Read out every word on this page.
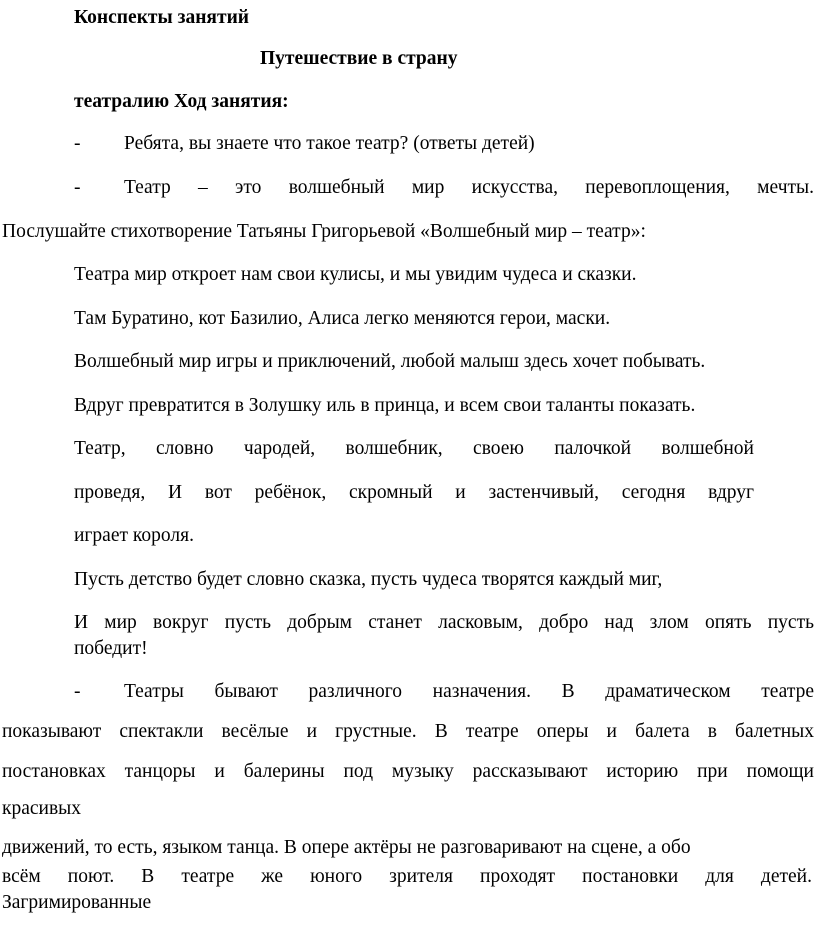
Конспекты занятий
Путешествие в страну
театралию Ход занятия:
- Ребята, вы знаете что такое театр? (ответы детей)
- Театр – это волшебный мир искусства, перевоплощения, мечты.
Послушайте стихотворение Татьяны Григорьевой «Волшебный мир – театр»:
Театра мир откроет нам свои кулисы, и мы увидим чудеса и сказки.
Там Буратино, кот Базилио, Алиса легко меняются герои, маски.
Волшебный мир игры и приключений, любой малыш здесь хочет побывать.
Вдруг превратится в Золушку иль в принца, и всем свои таланты показать.
Театр, словно чародей, волшебник, своею палочкой волшебной
проведя, И вот ребёнок, скромный и застенчивый, сегодня вдруг
играет короля.
Пусть детство будет словно сказка, пусть чудеса творятся каждый миг,
И мир вокруг пусть добрым станет ласковым, добро над злом опять пусть
победит!
- Театры бывают различного назначения. В драматическом театре
показывают спектакли весёлые и грустные. В театре оперы и балета в балетных
постановках танцоры и балерины под музыку рассказывают историю при помощи
красивых
движений, то есть, языком танца. В опере актёры не разговаривают на сцене, а обо
всём поют. В театре же юного зрителя проходят постановки для детей.
Загримированные
